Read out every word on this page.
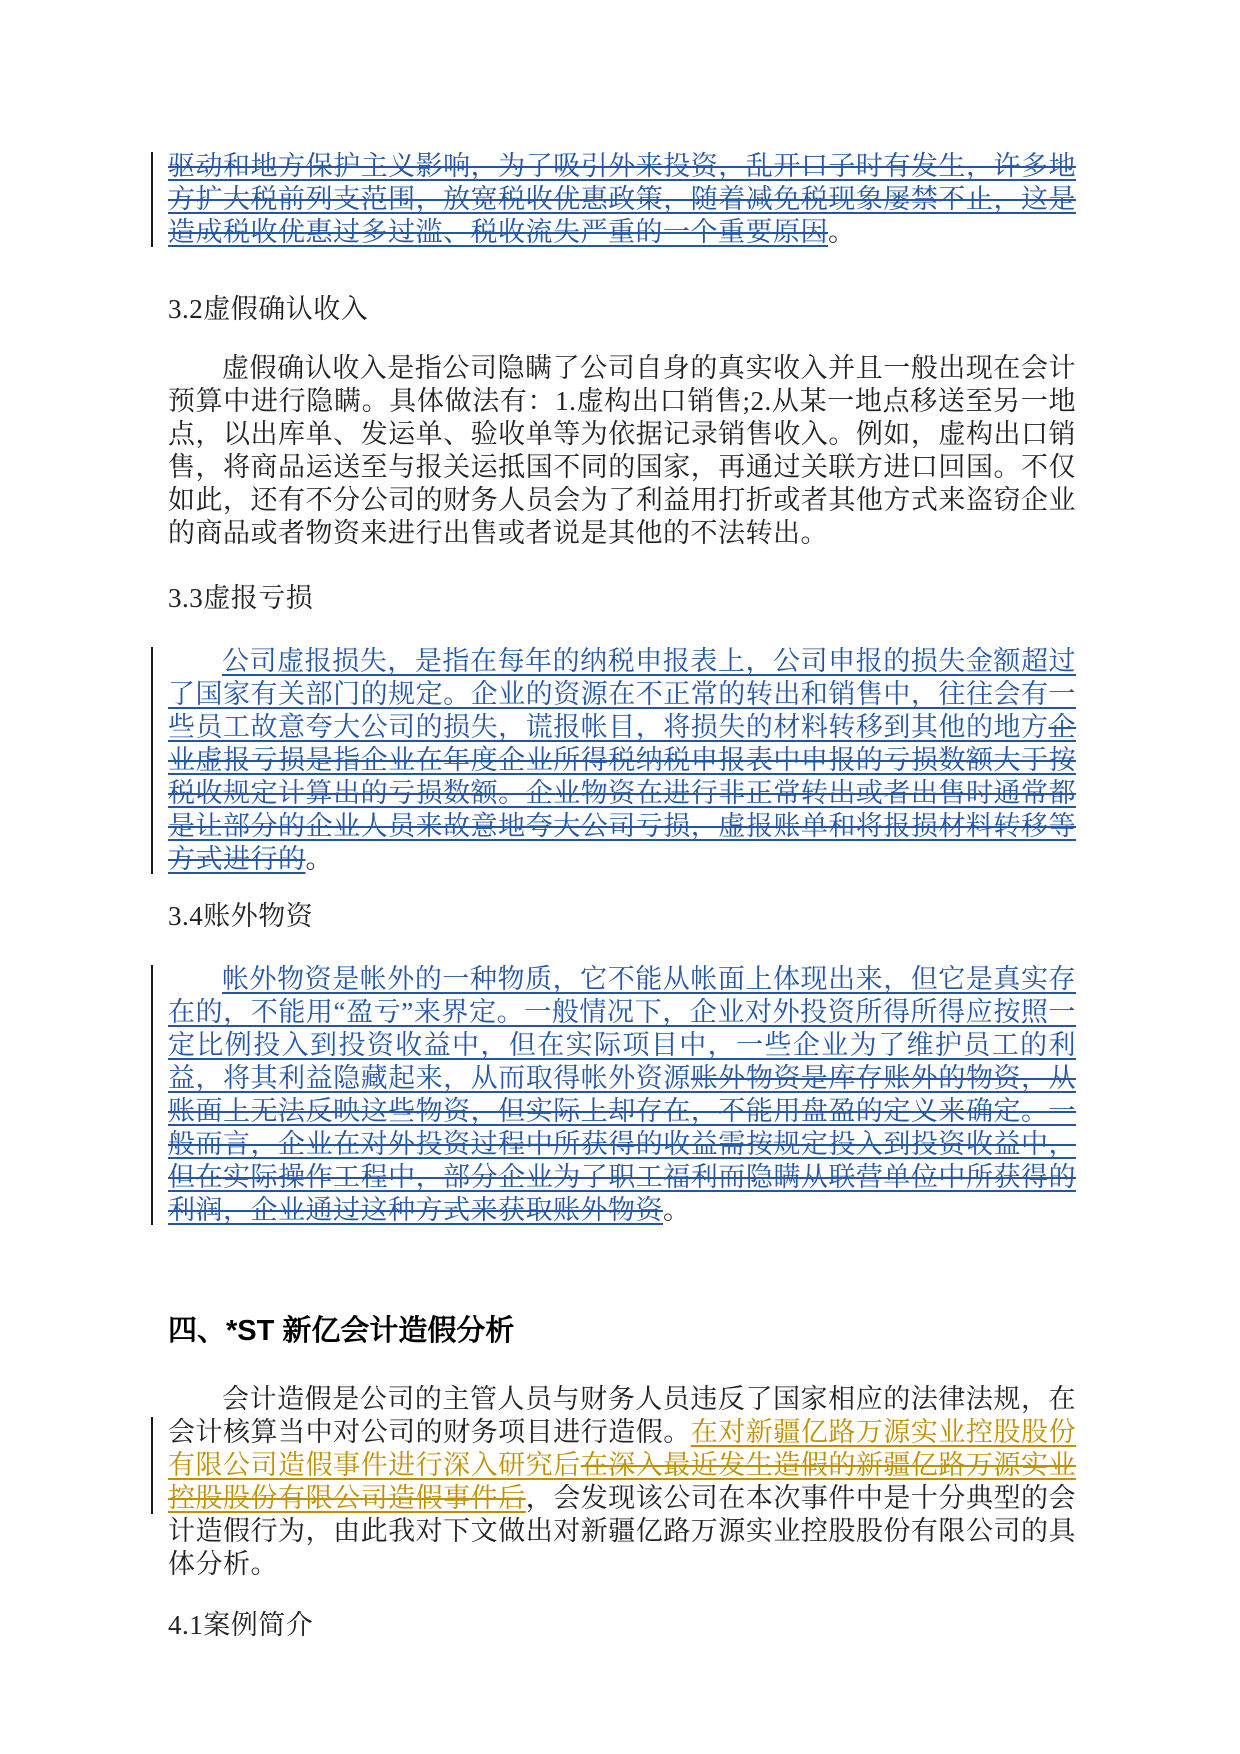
驱动和地方保护主义影响，为了吸引外来投资，乱开口子时有发生，许多地方扩大税前列支范围，放宽税收优惠政策，随着减免税现象屡禁不止，这是造成税收优惠过多过滥、税收流失严重的一个重要原因。

3.2虚假确认收入

虚假确认收入是指公司隐瞒了公司自身的真实收入并且一般出现在会计预算中进行隐瞒。具体做法有：1.虚构出口销售;2.从某一地点移送至另一地点，以出库单、发运单、验收单等为依据记录销售收入。例如，虚构出口销售，将商品运送至与报关运抵国不同的国家，再通过关联方进口回国。不仅如此，还有不分公司的财务人员会为了利益用打折或者其他方式来盗窃企业的商品或者物资来进行出售或者说是其他的不法转出。

3.3虚报亏损

公司虚报损失，是指在每年的纳税申报表上，公司申报的损失金额超过了国家有关部门的规定。企业的资源在不正常的转出和销售中，往往会有一些员工故意夸大公司的损失，谎报帐目，将损失的材料转移到其他的地方企业虚报亏损是指企业在年度企业所得税纳税申报表中申报的亏损数额大于按税收规定计算出的亏损数额。企业物资在进行非正常转出或者出售时通常都是让部分的企业人员来故意地夸大公司亏损，虚报账单和将报损材料转移等方式进行的。

3.4账外物资

帐外物资是帐外的一种物质，它不能从帐面上体现出来，但它是真实存在的，不能用“盈亏”来界定。一般情况下，企业对外投资所得所得应按照一定比例投入到投资收益中，但在实际项目中，一些企业为了维护员工的利益，将其利益隐藏起来，从而取得帐外资源账外物资是库存账外的物资，从账面上无法反映这些物资，但实际上却存在，不能用盘盈的定义来确定。一般而言，企业在对外投资过程中所获得的收益需按规定投入到投资收益中，但在实际操作工程中，部分企业为了职工福利而隐瞒从联营单位中所获得的利润，企业通过这种方式来获取账外物资。

四、*ST 新亿会计造假分析

会计造假是公司的主管人员与财务人员违反了国家相应的法律法规，在会计核算当中对公司的财务项目进行造假。在对新疆亿路万源实业控股股份有限公司造假事件进行深入研究后在深入最近发生造假的新疆亿路万源实业控股股份有限公司造假事件后，会发现该公司在本次事件中是十分典型的会计造假行为，由此我对下文做出对新疆亿路万源实业控股股份有限公司的具体分析。

4.1案例简介
